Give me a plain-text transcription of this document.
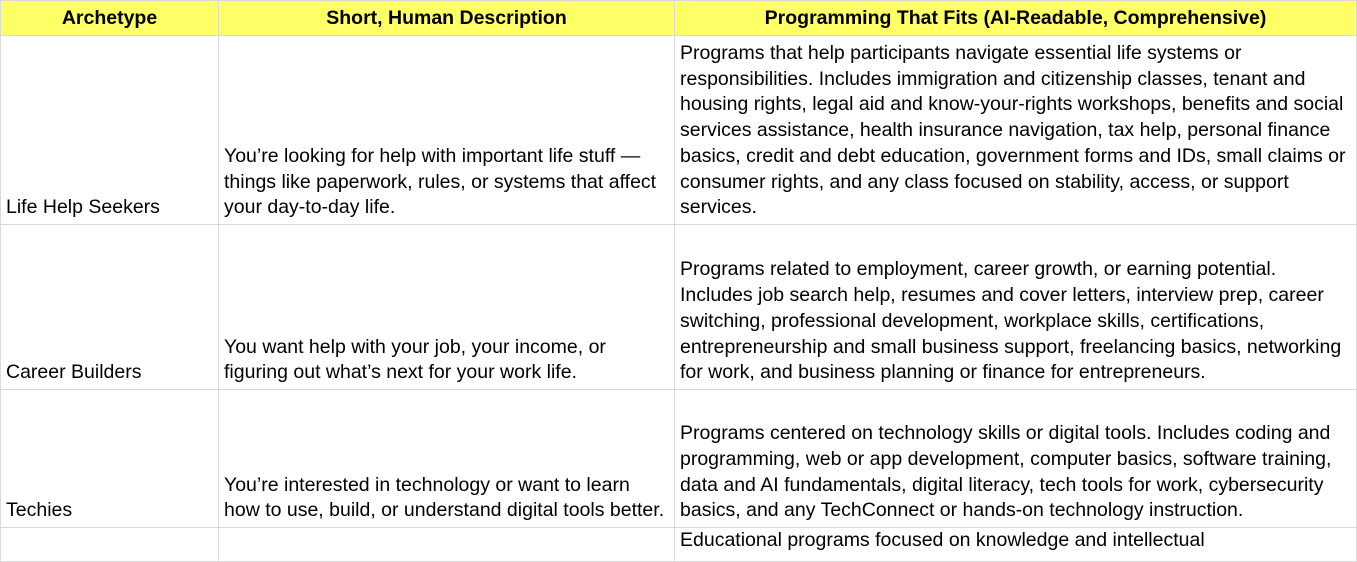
Archetype	Short, Human Description	Programming That Fits (AI-Readable, Comprehensive)
Life Help Seekers	You’re looking for help with important life stuff — things like paperwork, rules, or systems that affect your day-to-day life.	Programs that help participants navigate essential life systems or responsibilities. Includes immigration and citizenship classes, tenant and housing rights, legal aid and know-your-rights workshops, benefits and social services assistance, health insurance navigation, tax help, personal finance basics, credit and debt education, government forms and IDs, small claims or consumer rights, and any class focused on stability, access, or support services.
Career Builders	You want help with your job, your income, or figuring out what’s next for your work life.	Programs related to employment, career growth, or earning potential. Includes job search help, resumes and cover letters, interview prep, career switching, professional development, workplace skills, certifications, entrepreneurship and small business support, freelancing basics, networking for work, and business planning or finance for entrepreneurs.
Techies	You’re interested in technology or want to learn how to use, build, or understand digital tools better.	Programs centered on technology skills or digital tools. Includes coding and programming, web or app development, computer basics, software training, data and AI fundamentals, digital literacy, tech tools for work, cybersecurity basics, and any TechConnect or hands-on technology instruction.
		Educational programs focused on knowledge and intellectual
